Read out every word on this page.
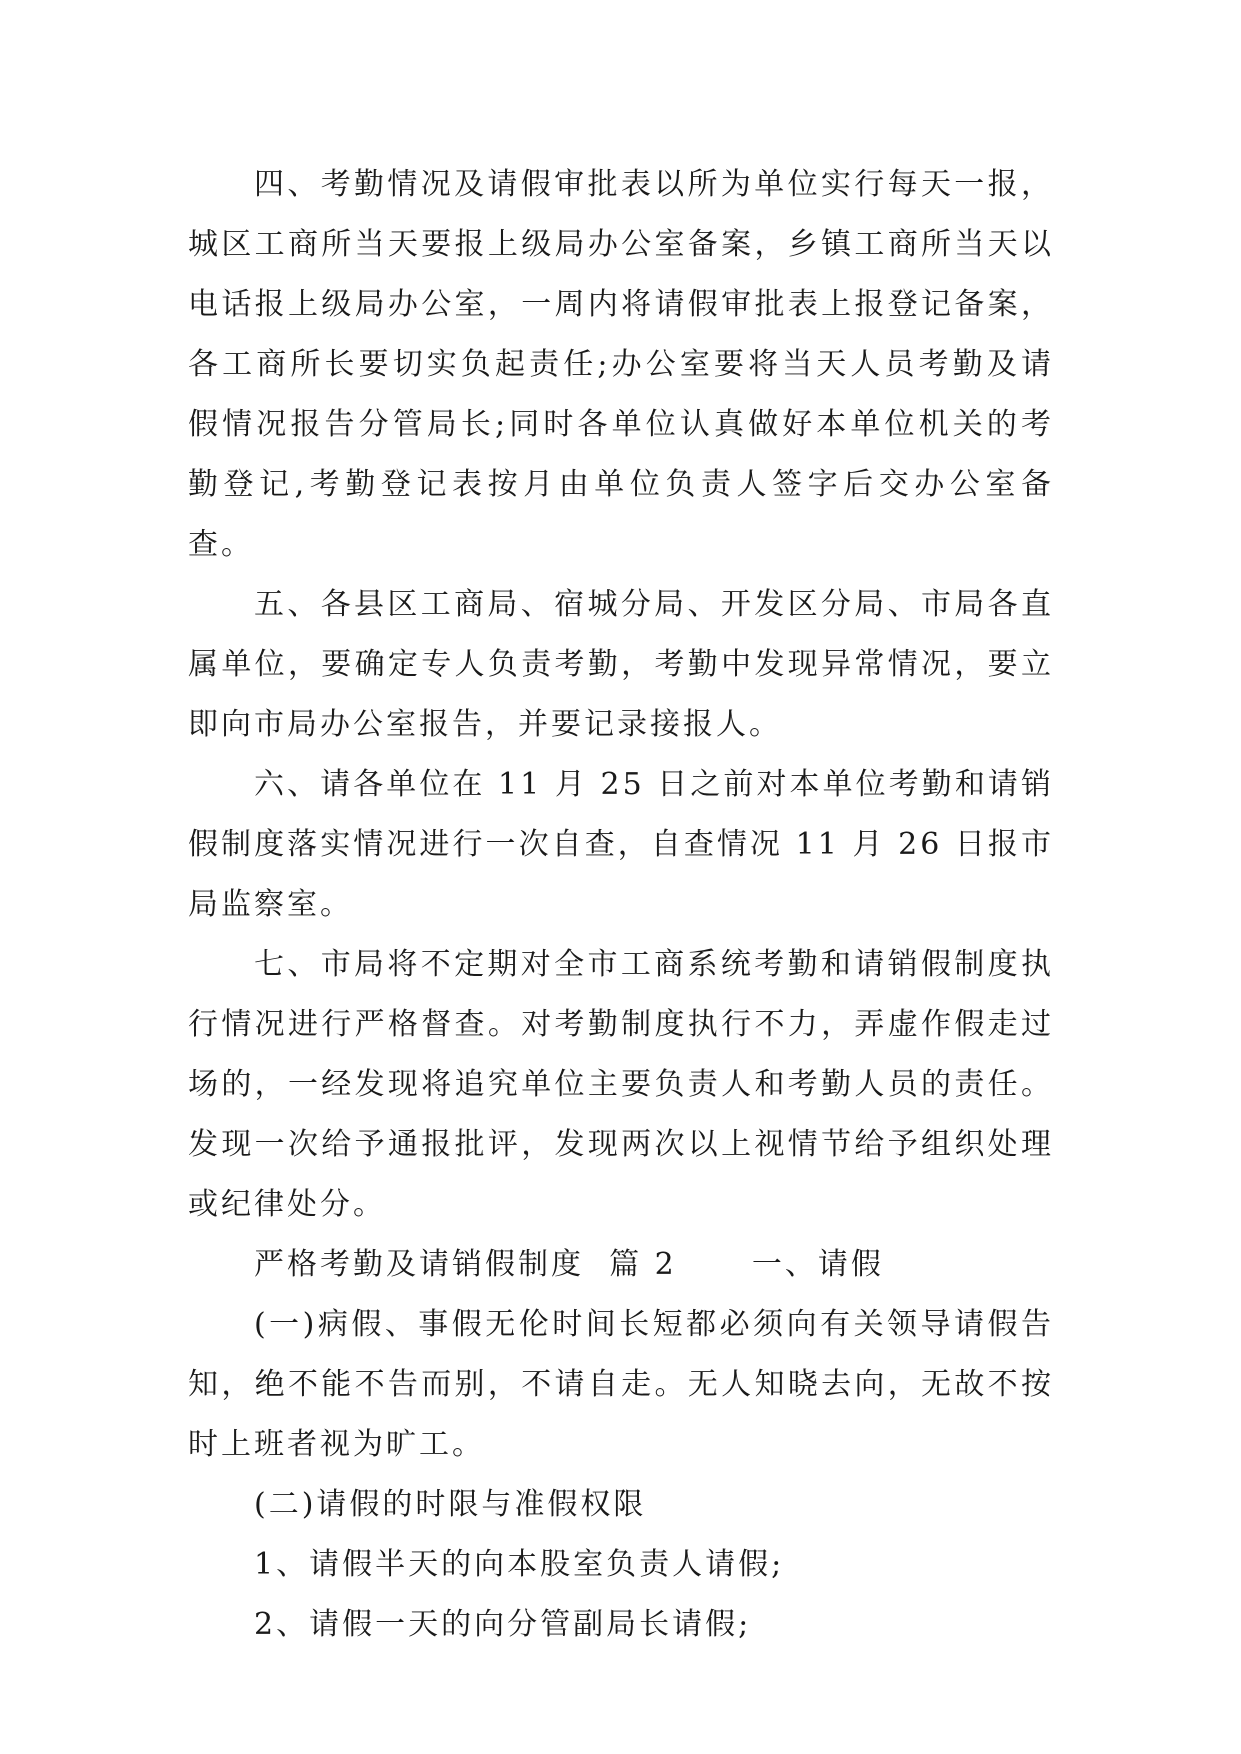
四、考勤情况及请假审批表以所为单位实行每天一报，城区工商所当天要报上级局办公室备案，乡镇工商所当天以电话报上级局办公室，一周内将请假审批表上报登记备案，各工商所长要切实负起责任;办公室要将当天人员考勤及请假情况报告分管局长;同时各单位认真做好本单位机关的考勤登记,考勤登记表按月由单位负责人签字后交办公室备查。

五、各县区工商局、宿城分局、开发区分局、市局各直属单位，要确定专人负责考勤，考勤中发现异常情况，要立即向市局办公室报告，并要记录接报人。

六、请各单位在 11 月 25 日之前对本单位考勤和请销假制度落实情况进行一次自查，自查情况 11 月 26 日报市局监察室。

七、市局将不定期对全市工商系统考勤和请销假制度执行情况进行严格督查。对考勤制度执行不力，弄虚作假走过场的，一经发现将追究单位主要负责人和考勤人员的责任。发现一次给予通报批评，发现两次以上视情节给予组织处理或纪律处分。

严格考勤及请销假制度  篇 2      一、请假

(一)病假、事假无伦时间长短都必须向有关领导请假告知，绝不能不告而别，不请自走。无人知晓去向，无故不按时上班者视为旷工。

(二)请假的时限与准假权限

1、请假半天的向本股室负责人请假;

2、请假一天的向分管副局长请假;
